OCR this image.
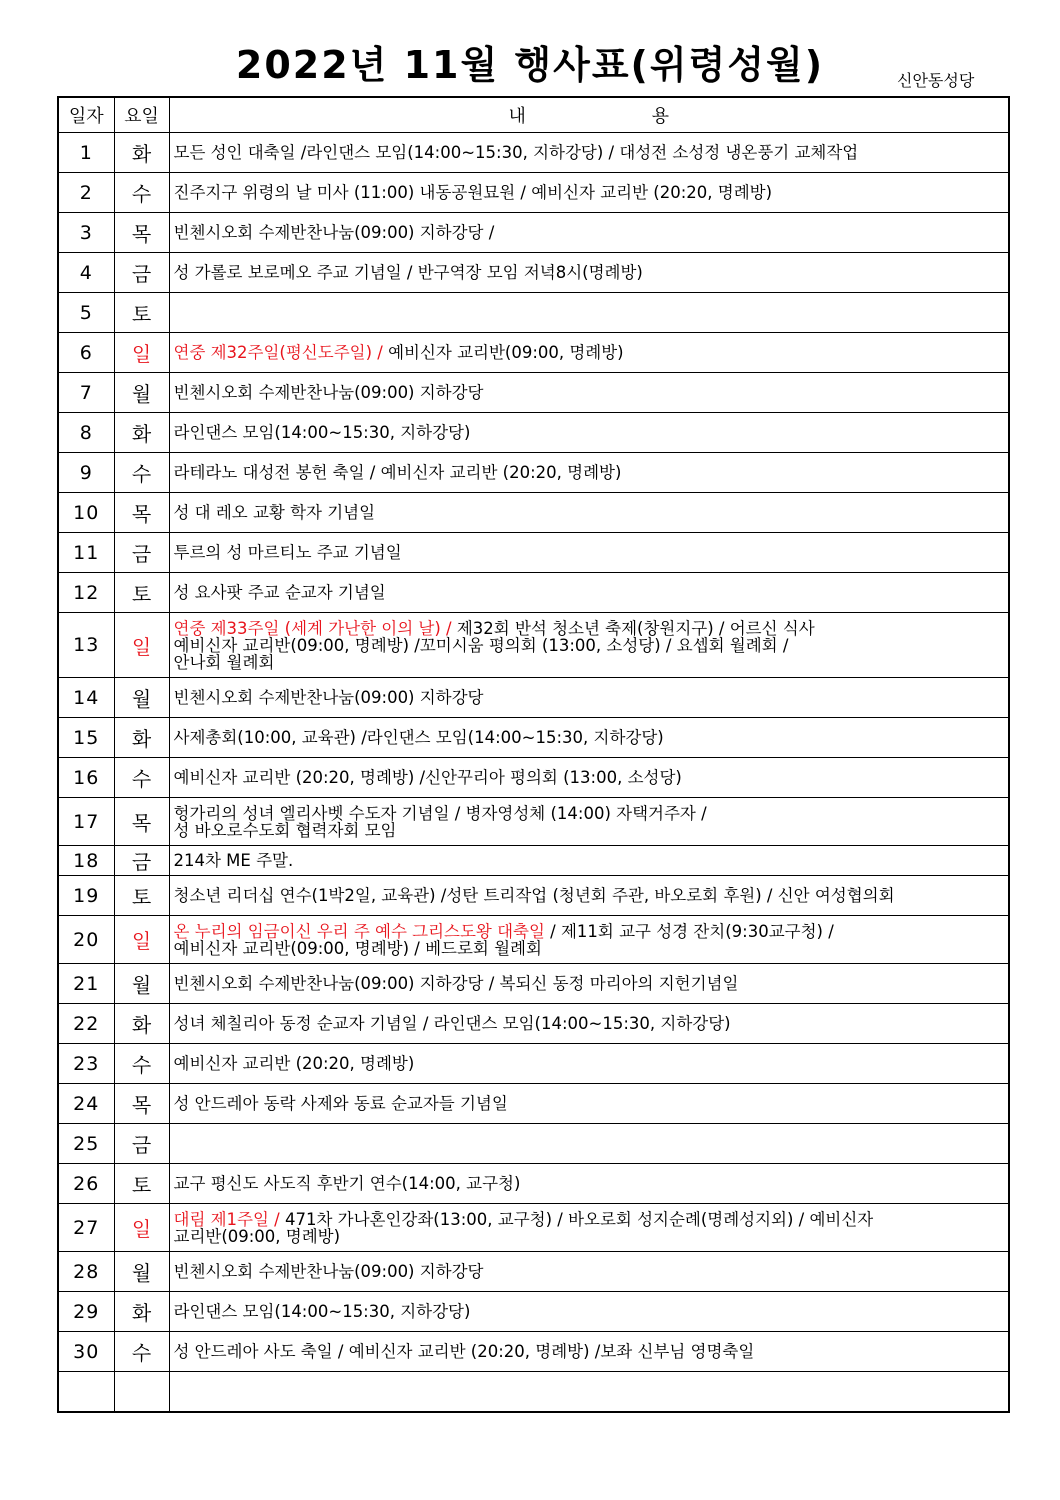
2022년 11월 행사표(위령성월)	신안동성당
일자	요일	내 용
1	화	모든 성인 대축일 /라인댄스 모임(14:00~15:30, 지하강당) / 대성전 소성정 냉온풍기 교체작업
2	수	진주지구 위령의 날 미사 (11:00) 내동공원묘원 / 예비신자 교리반 (20:20, 명례방)
3	목	빈첸시오회 수제반찬나눔(09:00) 지하강당 /
4	금	성 가롤로 보로메오 주교 기념일 / 반구역장 모임 저녁8시(명례방)
5	토	
6	일	연중 제32주일(평신도주일) / 예비신자 교리반(09:00, 명례방)
7	월	빈첸시오회 수제반찬나눔(09:00) 지하강당
8	화	라인댄스 모임(14:00~15:30, 지하강당)
9	수	라테라노 대성전 봉헌 축일 / 예비신자 교리반 (20:20, 명례방)
10	목	성 대 레오 교황 학자 기념일
11	금	투르의 성 마르티노 주교 기념일
12	토	성 요사팟 주교 순교자 기념일
13	일	연중 제33주일 (세계 가난한 이의 날) / 제32회 반석 청소년 축제(창원지구) / 어르신 식사
예비신자 교리반(09:00, 명례방) /꼬미시움 평의회 (13:00, 소성당) / 요셉회 월례회 /
안나회 월례회
14	월	빈첸시오회 수제반찬나눔(09:00) 지하강당
15	화	사제총회(10:00, 교육관) /라인댄스 모임(14:00~15:30, 지하강당)
16	수	예비신자 교리반 (20:20, 명례방) /신안꾸리아 평의회 (13:00, 소성당)
17	목	헝가리의 성녀 엘리사벳 수도자 기념일 / 병자영성체 (14:00) 자택거주자 /
성 바오로수도회 협력자회 모임
18	금	214차 ME 주말.
19	토	청소년 리더십 연수(1박2일, 교육관) /성탄 트리작업 (청년회 주관, 바오로회 후원) / 신안 여성협의회
20	일	온 누리의 임금이신 우리 주 예수 그리스도왕 대축일 / 제11회 교구 성경 잔치(9:30교구청) /
예비신자 교리반(09:00, 명례방) / 베드로회 월례회
21	월	빈첸시오회 수제반찬나눔(09:00) 지하강당 / 복되신 동정 마리아의 지헌기념일
22	화	성녀 체칠리아 동정 순교자 기념일 / 라인댄스 모임(14:00~15:30, 지하강당)
23	수	예비신자 교리반 (20:20, 명례방)
24	목	성 안드레아 동락 사제와 동료 순교자들 기념일
25	금	
26	토	교구 평신도 사도직 후반기 연수(14:00, 교구청)
27	일	대림 제1주일 / 471차 가나혼인강좌(13:00, 교구청) / 바오로회 성지순례(명례성지외) / 예비신자
교리반(09:00, 명례방)
28	월	빈첸시오회 수제반찬나눔(09:00) 지하강당
29	화	라인댄스 모임(14:00~15:30, 지하강당)
30	수	성 안드레아 사도 축일 / 예비신자 교리반 (20:20, 명례방) /보좌 신부님 영명축일
